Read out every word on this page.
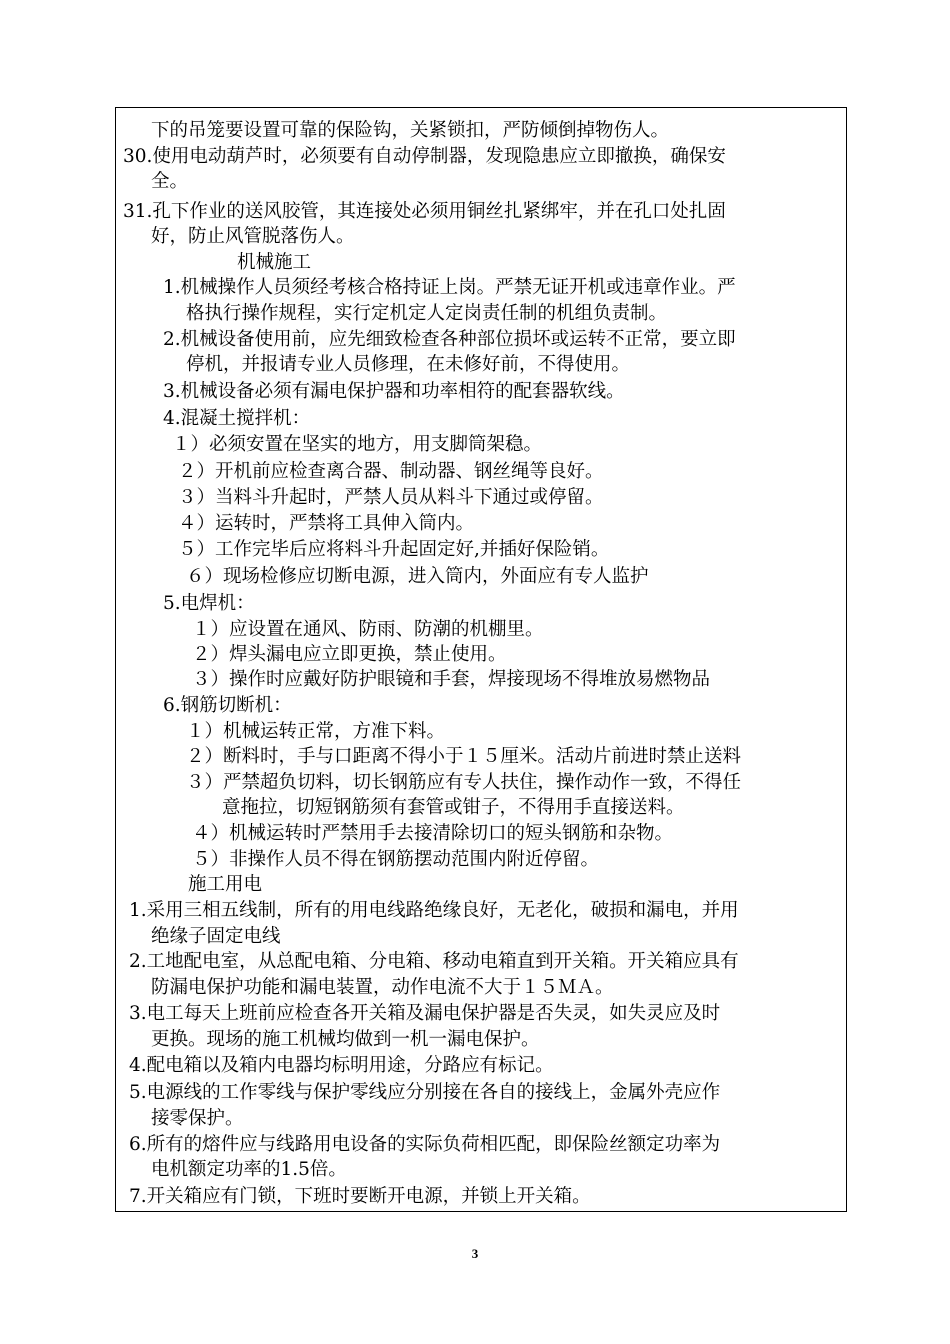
下的吊笼要设置可靠的保险钩，关紧锁扣，严防倾倒掉物伤人。
30.使用电动葫芦时，必须要有自动停制器，发现隐患应立即撤换，确保安
全。
31.孔下作业的送风胶管，其连接处必须用铜丝扎紧绑牢，并在孔口处扎固
好，防止风管脱落伤人。
机械施工
1.机械操作人员须经考核合格持证上岗。严禁无证开机或违章作业。严
格执行操作规程，实行定机定人定岗责任制的机组负责制。
2.机械设备使用前，应先细致检查各种部位损坏或运转不正常，要立即
停机，并报请专业人员修理，在未修好前，不得使用。
3.机械设备必须有漏电保护器和功率相符的配套器软线。
4.混凝土搅拌机：
１）必须安置在坚实的地方，用支脚筒架稳。
２）开机前应检查离合器、制动器、钢丝绳等良好。
３）当料斗升起时，严禁人员从料斗下通过或停留。
４）运转时，严禁将工具伸入筒内。
５）工作完毕后应将料斗升起固定好,并插好保险销。
６）现场检修应切断电源，进入筒内，外面应有专人监护
5.电焊机：
１）应设置在通风、防雨、防潮的机棚里。
２）焊头漏电应立即更换，禁止使用。
３）操作时应戴好防护眼镜和手套，焊接现场不得堆放易燃物品
6.钢筋切断机：
１）机械运转正常，方准下料。
２）断料时，手与口距离不得小于１５厘米。活动片前进时禁止送料
３）严禁超负切料，切长钢筋应有专人扶住，操作动作一致，不得任
意拖拉，切短钢筋须有套管或钳子，不得用手直接送料。
４）机械运转时严禁用手去接清除切口的短头钢筋和杂物。
５）非操作人员不得在钢筋摆动范围内附近停留。
施工用电
1.采用三相五线制，所有的用电线路绝缘良好，无老化，破损和漏电，并用
绝缘子固定电线
2.工地配电室，从总配电箱、分电箱、移动电箱直到开关箱。开关箱应具有
防漏电保护功能和漏电装置，动作电流不大于１５ＭＡ。
3.电工每天上班前应检查各开关箱及漏电保护器是否失灵，如失灵应及时
更换。现场的施工机械均做到一机一漏电保护。
4.配电箱以及箱内电器均标明用途，分路应有标记。
5.电源线的工作零线与保护零线应分别接在各自的接线上，金属外壳应作
接零保护。
6.所有的熔件应与线路用电设备的实际负荷相匹配，即保险丝额定功率为
电机额定功率的1.5倍。
7.开关箱应有门锁，下班时要断开电源，并锁上开关箱。
3
